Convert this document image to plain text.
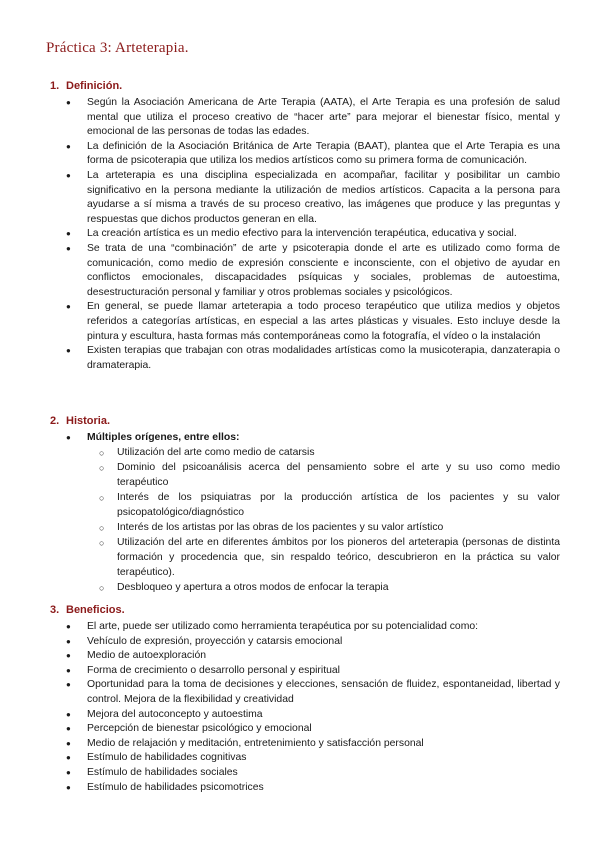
Práctica 3: Arteterapia.
1. Definición.
● Según la Asociación Americana de Arte Terapia (AATA), el Arte Terapia es una profesión de salud mental que utiliza el proceso creativo de “hacer arte” para mejorar el bienestar físico, mental y emocional de las personas de todas las edades.
● La definición de la Asociación Británica de Arte Terapia (BAAT), plantea que el Arte Terapia es una forma de psicoterapia que utiliza los medios artísticos como su primera forma de comunicación.
● La arteterapia es una disciplina especializada en acompañar, facilitar y posibilitar un cambio significativo en la persona mediante la utilización de medios artísticos. Capacita a la persona para ayudarse a sí misma a través de su proceso creativo, las imágenes que produce y las preguntas y respuestas que dichos productos generan en ella.
● La creación artística es un medio efectivo para la intervención terapéutica, educativa y social.
● Se trata de una “combinación” de arte y psicoterapia donde el arte es utilizado como forma de comunicación, como medio de expresión consciente e inconsciente, con el objetivo de ayudar en conflictos emocionales, discapacidades psíquicas y sociales, problemas de autoestima, desestructuración personal y familiar y otros problemas sociales y psicológicos.
● En general, se puede llamar arteterapia a todo proceso terapéutico que utiliza medios y objetos referidos a categorías artísticas, en especial a las artes plásticas y visuales. Esto incluye desde la pintura y escultura, hasta formas más contemporáneas como la fotografía, el vídeo o la instalación
● Existen terapias que trabajan con otras modalidades artísticas como la musicoterapia, danzaterapia o dramaterapia.
2. Historia.
● Múltiples orígenes, entre ellos:
○ Utilización del arte como medio de catarsis
○ Dominio del psicoanálisis acerca del pensamiento sobre el arte y su uso como medio terapéutico
○ Interés de los psiquiatras por la producción artística de los pacientes y su valor psicopatológico/diagnóstico
○ Interés de los artistas por las obras de los pacientes y su valor artístico
○ Utilización del arte en diferentes ámbitos por los pioneros del arteterapia (personas de distinta formación y procedencia que, sin respaldo teórico, descubrieron en la práctica su valor terapéutico).
○ Desbloqueo y apertura a otros modos de enfocar la terapia
3. Beneficios.
● El arte, puede ser utilizado como herramienta terapéutica por su potencialidad como:
● Vehículo de expresión, proyección y catarsis emocional
● Medio de autoexploración
● Forma de crecimiento o desarrollo personal y espiritual
● Oportunidad para la toma de decisiones y elecciones, sensación de fluidez, espontaneidad, libertad y control. Mejora de la flexibilidad y creatividad
● Mejora del autoconcepto y autoestima
● Percepción de bienestar psicológico y emocional
● Medio de relajación y meditación, entretenimiento y satisfacción personal
● Estímulo de habilidades cognitivas
● Estímulo de habilidades sociales
● Estímulo de habilidades psicomotrices
